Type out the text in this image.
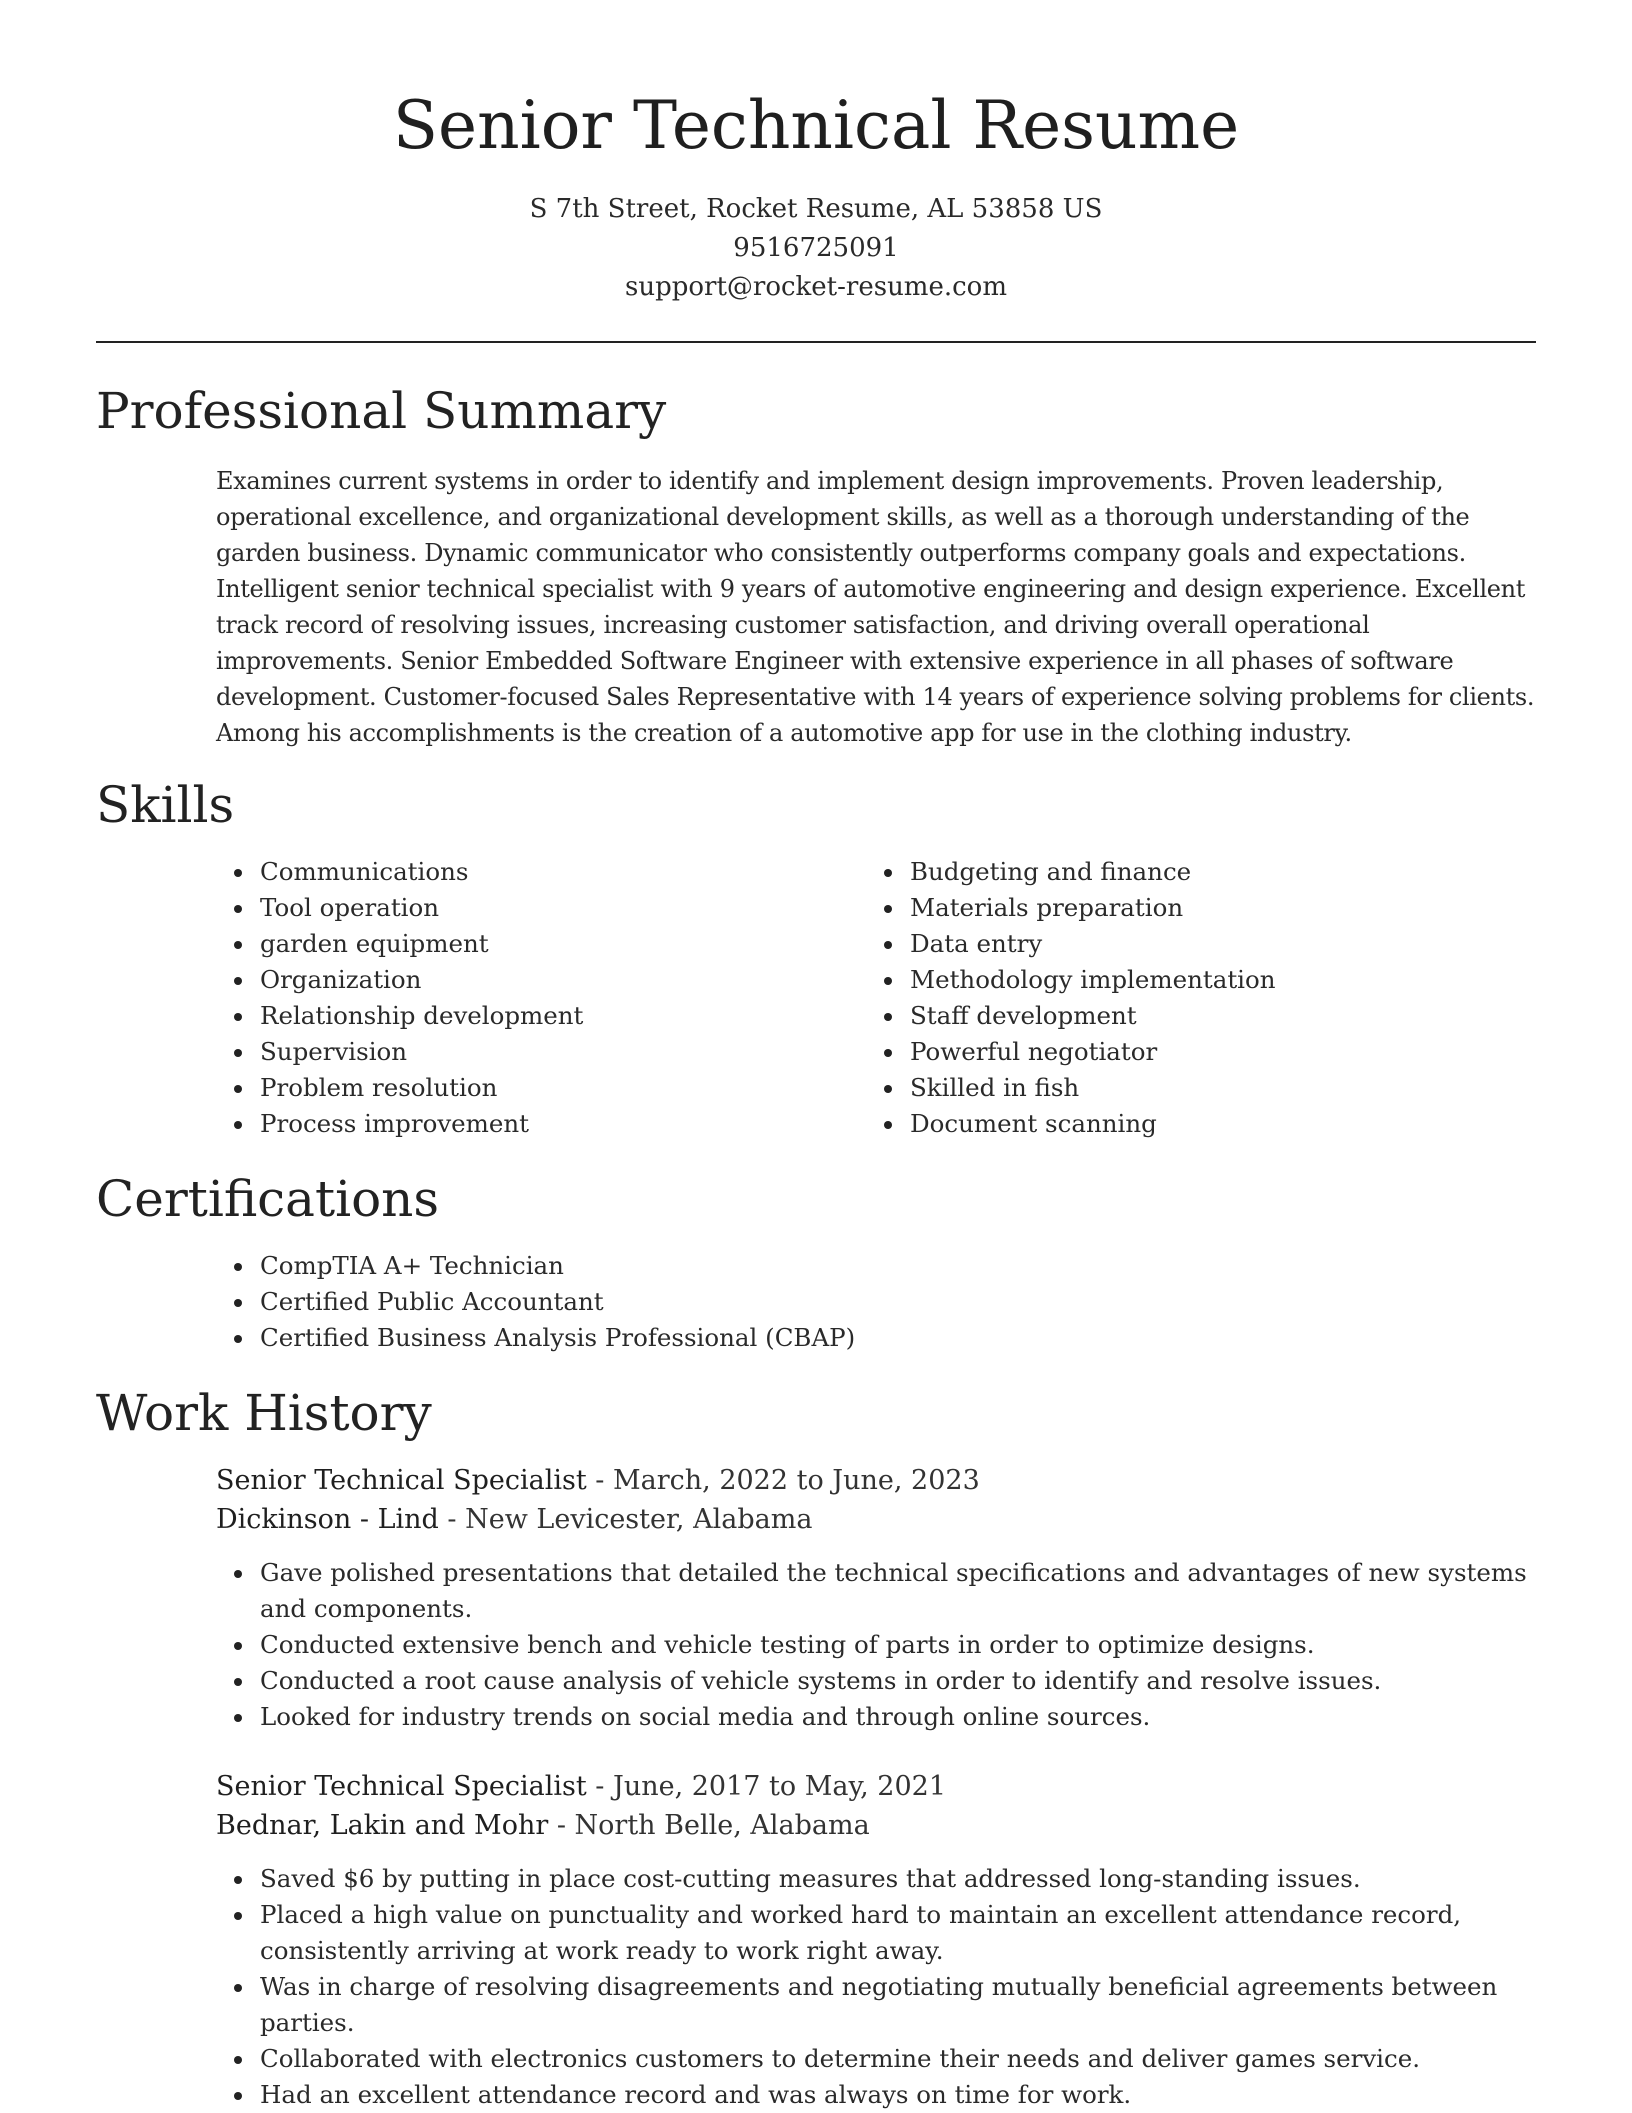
Senior Technical Resume
S 7th Street, Rocket Resume, AL 53858 US
9516725091
support@rocket-resume.com
Professional Summary
Examines current systems in order to identify and implement design improvements. Proven leadership, operational excellence, and organizational development skills, as well as a thorough understanding of the garden business. Dynamic communicator who consistently outperforms company goals and expectations. Intelligent senior technical specialist with 9 years of automotive engineering and design experience. Excellent track record of resolving issues, increasing customer satisfaction, and driving overall operational improvements. Senior Embedded Software Engineer with extensive experience in all phases of software development. Customer-focused Sales Representative with 14 years of experience solving problems for clients. Among his accomplishments is the creation of a automotive app for use in the clothing industry.
Skills
Communications
Tool operation
garden equipment
Organization
Relationship development
Supervision
Problem resolution
Process improvement
Budgeting and finance
Materials preparation
Data entry
Methodology implementation
Staff development
Powerful negotiator
Skilled in fish
Document scanning
Certifications
CompTIA A+ Technician
Certified Public Accountant
Certified Business Analysis Professional (CBAP)
Work History
Senior Technical Specialist - March, 2022 to June, 2023
Dickinson - Lind - New Levicester, Alabama
Gave polished presentations that detailed the technical specifications and advantages of new systems and components.
Conducted extensive bench and vehicle testing of parts in order to optimize designs.
Conducted a root cause analysis of vehicle systems in order to identify and resolve issues.
Looked for industry trends on social media and through online sources.
Senior Technical Specialist - June, 2017 to May, 2021
Bednar, Lakin and Mohr - North Belle, Alabama
Saved $6 by putting in place cost-cutting measures that addressed long-standing issues.
Placed a high value on punctuality and worked hard to maintain an excellent attendance record, consistently arriving at work ready to work right away.
Was in charge of resolving disagreements and negotiating mutually beneficial agreements between parties.
Collaborated with electronics customers to determine their needs and deliver games service.
Had an excellent attendance record and was always on time for work.
